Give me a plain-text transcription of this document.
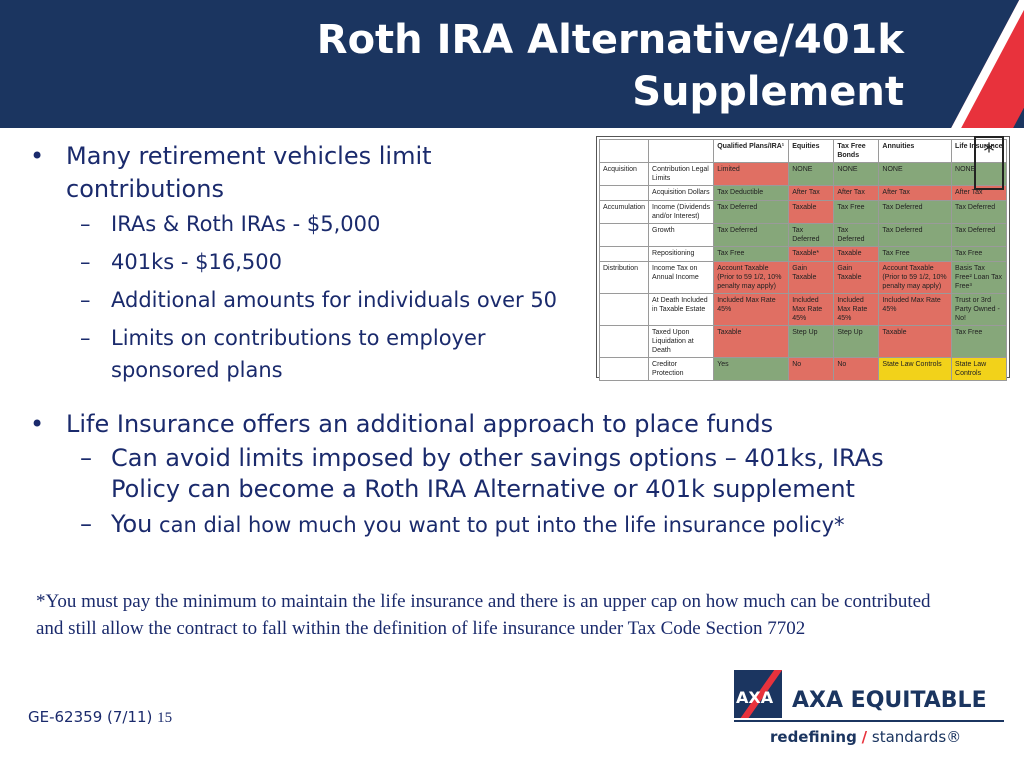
Roth IRA Alternative/401k
Supplement
• Many retirement vehicles limit contributions
– IRAs & Roth IRAs - $5,000
– 401ks - $16,500
– Additional amounts for individuals over 50
– Limits on contributions to employer sponsored plans
• Life Insurance offers an additional approach to place funds
– Can avoid limits imposed by other savings options – 401ks, IRAs Policy can become a Roth IRA Alternative or 401k supplement
– You can dial how much you want to put into the life insurance policy*
		Qualified Plans/IRA¹	Equities	Tax Free Bonds	Annuities	Life Insurance
Acquisition	Contribution Legal Limits	Limited	NONE	NONE	NONE	NONE
	Acquisition Dollars	Tax Deductible	After Tax	After Tax	After Tax	After Tax
Accumulation	Income (Dividends and/or Interest)	Tax Deferred	Taxable	Tax Free	Tax Deferred	Tax Deferred
	Growth	Tax Deferred	Tax Deferred	Tax Deferred	Tax Deferred	Tax Deferred
	Repositioning	Tax Free	Taxable*	Taxable	Tax Free	Tax Free
Distribution	Income Tax on Annual Income	Account Taxable (Prior to 59 1/2, 10% penalty may apply)	Gain Taxable	Gain Taxable	Account Taxable (Prior to 59 1/2, 10% penalty may apply)	Basis Tax Free² Loan Tax Free³
	At Death Included in Taxable Estate	Included Max Rate 45%	Included Max Rate 45%	Included Max Rate 45%	Included Max Rate 45%	Trust or 3rd Party Owned - No!
	Taxed Upon Liquidation at Death	Taxable	Step Up	Step Up	Taxable	Tax Free
	Creditor Protection	Yes	No	No	State Law Controls	State Law Controls
*
*You must pay the minimum to maintain the life insurance and there is an upper cap on how much can be contributed and still allow the contract to fall within the definition of life insurance under Tax Code Section 7702
GE-62359 (7/11) 15
AXA AXA EQUITABLE
redefining / standards®
